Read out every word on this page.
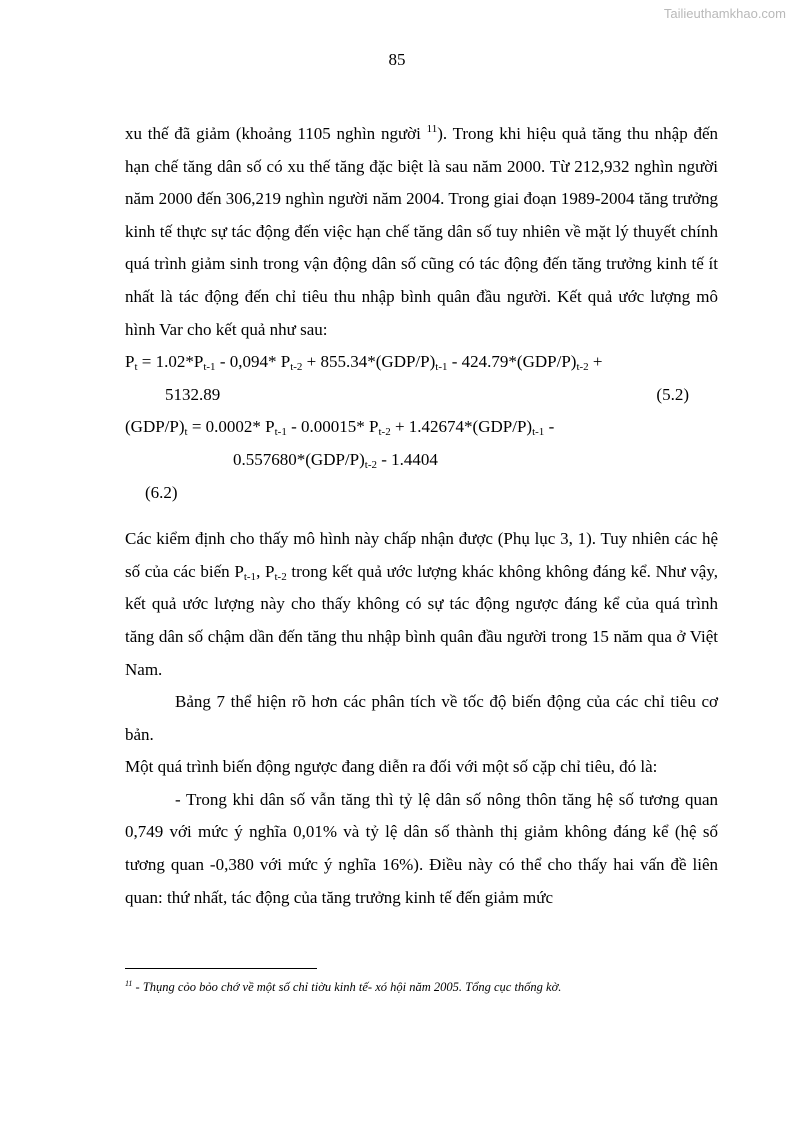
Tailieuthamkhao.com
85

xu thế đã giảm (khoảng 1105 nghìn người $^{11}$). Trong khi hiệu quả tăng thu nhập đến hạn chế tăng dân số có xu thế tăng đặc biệt là sau năm 2000. Từ 212,932 nghìn người năm 2000 đến 306,219 nghìn người năm 2004. Trong giai đoạn 1989-2004 tăng trưởng kinh tế thực sự tác động đến việc hạn chế tăng dân số tuy nhiên về mặt lý thuyết chính quá trình giảm sinh trong vận động dân số cũng có tác động đến tăng trưởng kinh tế ít nhất là tác động đến chỉ tiêu thu nhập bình quân đầu người. Kết quả ước lượng mô hình Var cho kết quả như sau:

$P_t = 1.02*P_{t-1} - 0,094*$ $P_{t-2} + 855.34*(GDP/P)_{t-1} - 424.79*(GDP/P)_{t-2}$ +
5132.89	(5.2)
$(GDP/P)_t = 0.0002*$ $P_{t-1} - 0.00015*$ $P_{t-2} + 1.42674*(GDP/P)_{t-1}$ -
$0.557680*(GDP/P)_{t-2} - 1.4404$
(6.2)

Các kiểm định cho thấy mô hình này chấp nhận được (Phụ lục 3, 1). Tuy nhiên các hệ số của các biến $P_{t-1}$, $P_{t-2}$ trong kết quả ước lượng khác không không đáng kể. Như vậy, kết quả ước lượng này cho thấy không có sự tác động ngược đáng kể của quá trình tăng dân số chậm dần đến tăng thu nhập bình quân đầu người trong 15 năm qua ở Việt Nam.

Bảng 7 thể hiện rõ hơn các phân tích về tốc độ biến động của các chỉ tiêu cơ bản.

Một quá trình biến động ngược đang diễn ra đối với một số cặp chỉ tiêu, đó là:

- Trong khi dân số vẫn tăng thì tỷ lệ dân số nông thôn tăng hệ số tương quan 0,749 với mức ý nghĩa 0,01% và tỷ lệ dân số thành thị giảm không đáng kể (hệ số tương quan -0,380 với mức ý nghĩa 16%). Điều này có thể cho thấy hai vấn đề liên quan: thứ nhất, tác động của tăng trưởng kinh tế đến giảm mức

$^{11}$ - Thụng cỏo bỏo chớ về một số chỉ tiờu kinh tế- xó hội năm 2005. Tổng cục thống kờ.
